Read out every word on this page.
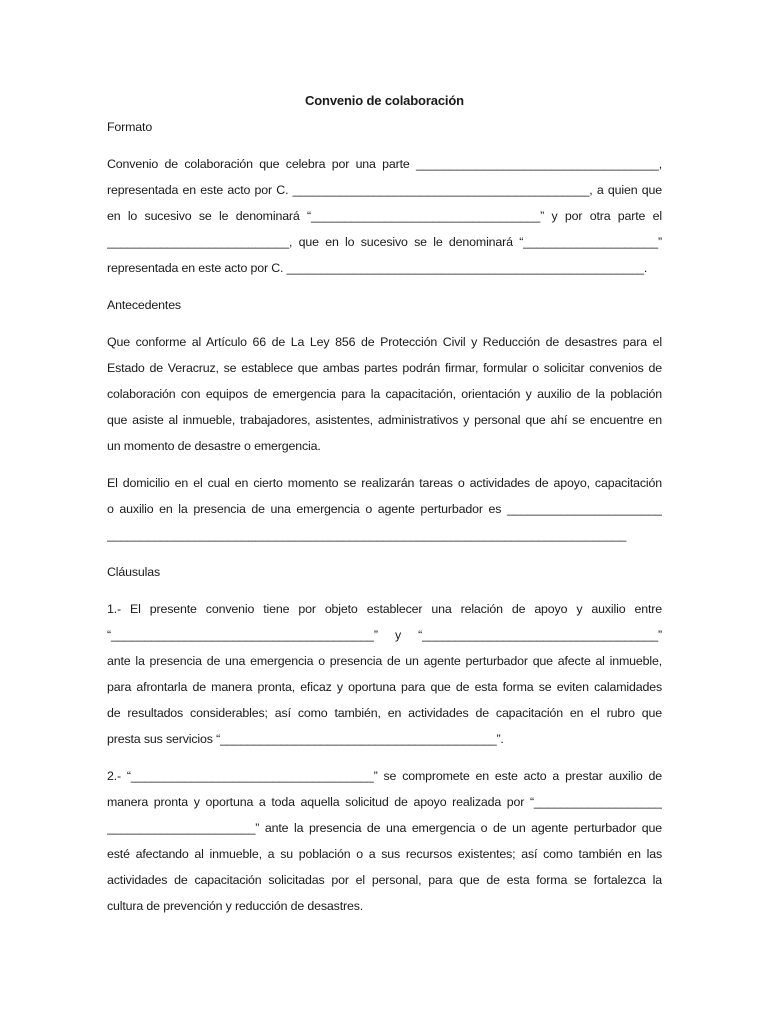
Convenio de colaboración
Formato
Convenio de colaboración que celebra por una parte ____________________________________,
representada en este acto por C. ____________________________________________, a quien que
en lo sucesivo se le denominará “__________________________________” y por otra parte el
___________________________, que en lo sucesivo se le denominará “____________________”
representada en este acto por C. _____________________________________________________.
Antecedentes
Que conforme al Artículo 66 de La Ley 856 de Protección Civil y Reducción de desastres para el
Estado de Veracruz, se establece que ambas partes podrán firmar, formular o solicitar convenios de
colaboración con equipos de emergencia para la capacitación, orientación y auxilio de la población
que asiste al inmueble, trabajadores, asistentes, administrativos y personal que ahí se encuentre en
un momento de desastre o emergencia.
El domicilio en el cual en cierto momento se realizarán tareas o actividades de apoyo, capacitación
o auxilio en la presencia de una emergencia o agente perturbador es _______________________
_____________________________________________________________________________
Cláusulas
1.- El presente convenio tiene por objeto establecer una relación de apoyo y auxilio entre
“_______________________________________” y “___________________________________”
ante la presencia de una emergencia o presencia de un agente perturbador que afecte al inmueble,
para afrontarla de manera pronta, eficaz y oportuna para que de esta forma se eviten calamidades
de resultados considerables; así como también, en actividades de capacitación en el rubro que
presta sus servicios “_________________________________________”.
2.- “____________________________________” se compromete en este acto a prestar auxilio de
manera pronta y oportuna a toda aquella solicitud de apoyo realizada por “___________________
______________________” ante la presencia de una emergencia o de un agente perturbador que
esté afectando al inmueble, a su población o a sus recursos existentes; así como también en las
actividades de capacitación solicitadas por el personal, para que de esta forma se fortalezca la
cultura de prevención y reducción de desastres.
